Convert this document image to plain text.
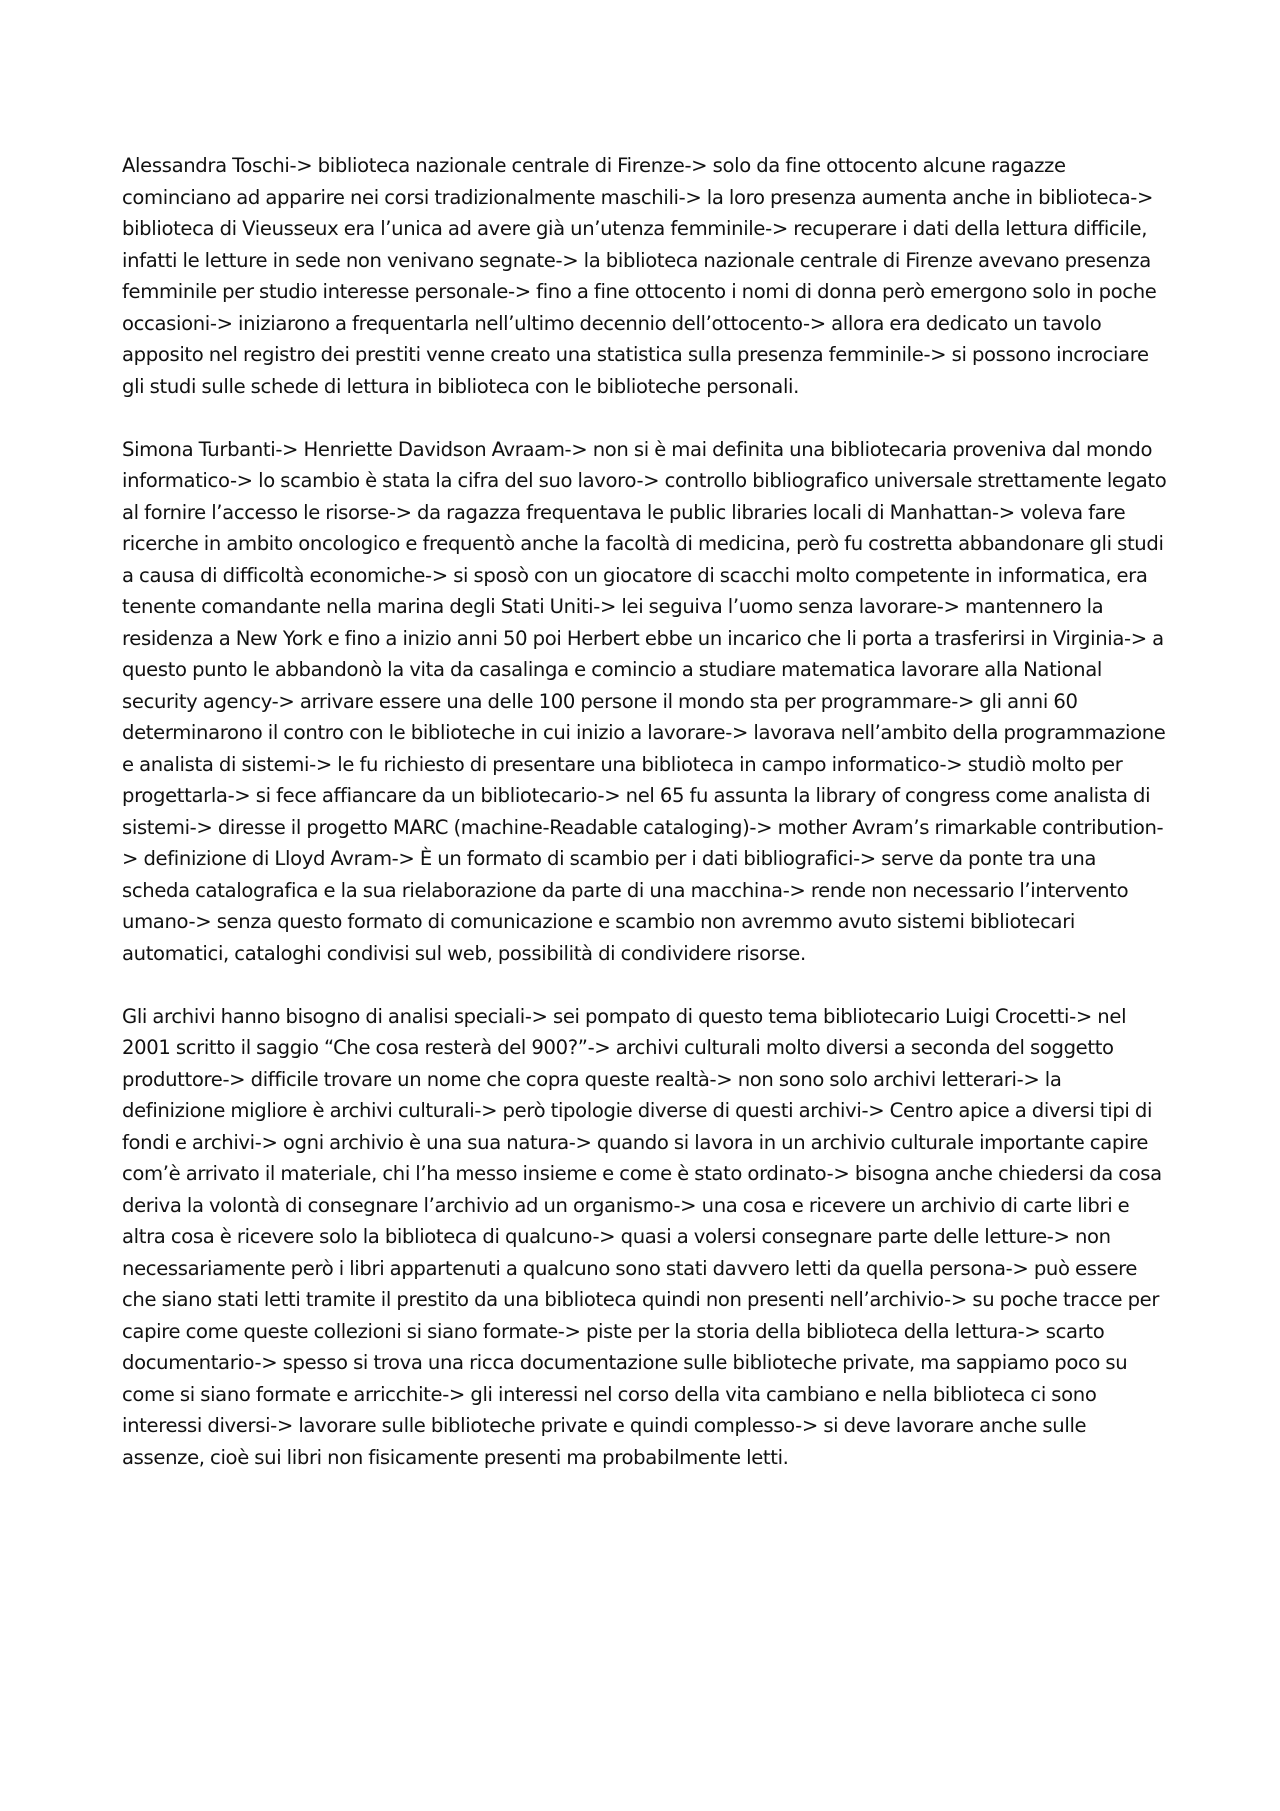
Alessandra Toschi-> biblioteca nazionale centrale di Firenze-> solo da fine ottocento alcune ragazze cominciano ad apparire nei corsi tradizionalmente maschili-> la loro presenza aumenta anche in biblioteca-> biblioteca di Vieusseux era l’unica ad avere già un’utenza femminile-> recuperare i dati della lettura difficile, infatti le letture in sede non venivano segnate-> la biblioteca nazionale centrale di Firenze avevano presenza femminile per studio interesse personale-> fino a fine ottocento i nomi di donna però emergono solo in poche occasioni-> iniziarono a frequentarla nell’ultimo decennio dell’ottocento-> allora era dedicato un tavolo apposito nel registro dei prestiti venne creato una statistica sulla presenza femminile-> si possono incrociare gli studi sulle schede di lettura in biblioteca con le biblioteche personali.

Simona Turbanti-> Henriette Davidson Avraam-> non si è mai definita una bibliotecaria proveniva dal mondo informatico-> lo scambio è stata la cifra del suo lavoro-> controllo bibliografico universale strettamente legato al fornire l’accesso le risorse-> da ragazza frequentava le public libraries locali di Manhattan-> voleva fare ricerche in ambito oncologico e frequentò anche la facoltà di medicina, però fu costretta abbandonare gli studi a causa di difficoltà economiche-> si sposò con un giocatore di scacchi molto competente in informatica, era tenente comandante nella marina degli Stati Uniti-> lei seguiva l’uomo senza lavorare-> mantennero la residenza a New York e fino a inizio anni 50 poi Herbert ebbe un incarico che li porta a trasferirsi in Virginia-> a questo punto le abbandonò la vita da casalinga e comincio a studiare matematica lavorare alla National security agency-> arrivare essere una delle 100 persone il mondo sta per programmare-> gli anni 60 determinarono il contro con le biblioteche in cui inizio a lavorare-> lavorava nell’ambito della programmazione e analista di sistemi-> le fu richiesto di presentare una biblioteca in campo informatico-> studiò molto per progettarla-> si fece affiancare da un bibliotecario-> nel 65 fu assunta la library of congress come analista di sistemi-> diresse il progetto MARC (machine-Readable cataloging)-> mother Avram’s rimarkable contribution-> definizione di Lloyd Avram-> È un formato di scambio per i dati bibliografici-> serve da ponte tra una scheda catalografica e la sua rielaborazione da parte di una macchina-> rende non necessario l’intervento umano-> senza questo formato di comunicazione e scambio non avremmo avuto sistemi bibliotecari automatici, cataloghi condivisi sul web, possibilità di condividere risorse.

Gli archivi hanno bisogno di analisi speciali-> sei pompato di questo tema bibliotecario Luigi Crocetti-> nel 2001 scritto il saggio “Che cosa resterà del 900?”-> archivi culturali molto diversi a seconda del soggetto produttore-> difficile trovare un nome che copra queste realtà-> non sono solo archivi letterari-> la definizione migliore è archivi culturali-> però tipologie diverse di questi archivi-> Centro apice a diversi tipi di fondi e archivi-> ogni archivio è una sua natura-> quando si lavora in un archivio culturale importante capire com’è arrivato il materiale, chi l’ha messo insieme e come è stato ordinato-> bisogna anche chiedersi da cosa deriva la volontà di consegnare l’archivio ad un organismo-> una cosa e ricevere un archivio di carte libri e altra cosa è ricevere solo la biblioteca di qualcuno-> quasi a volersi consegnare parte delle letture-> non necessariamente però i libri appartenuti a qualcuno sono stati davvero letti da quella persona-> può essere che siano stati letti tramite il prestito da una biblioteca quindi non presenti nell’archivio-> su poche tracce per capire come queste collezioni si siano formate-> piste per la storia della biblioteca della lettura-> scarto documentario-> spesso si trova una ricca documentazione sulle biblioteche private, ma sappiamo poco su come si siano formate e arricchite-> gli interessi nel corso della vita cambiano e nella biblioteca ci sono interessi diversi-> lavorare sulle biblioteche private e quindi complesso-> si deve lavorare anche sulle assenze, cioè sui libri non fisicamente presenti ma probabilmente letti.
